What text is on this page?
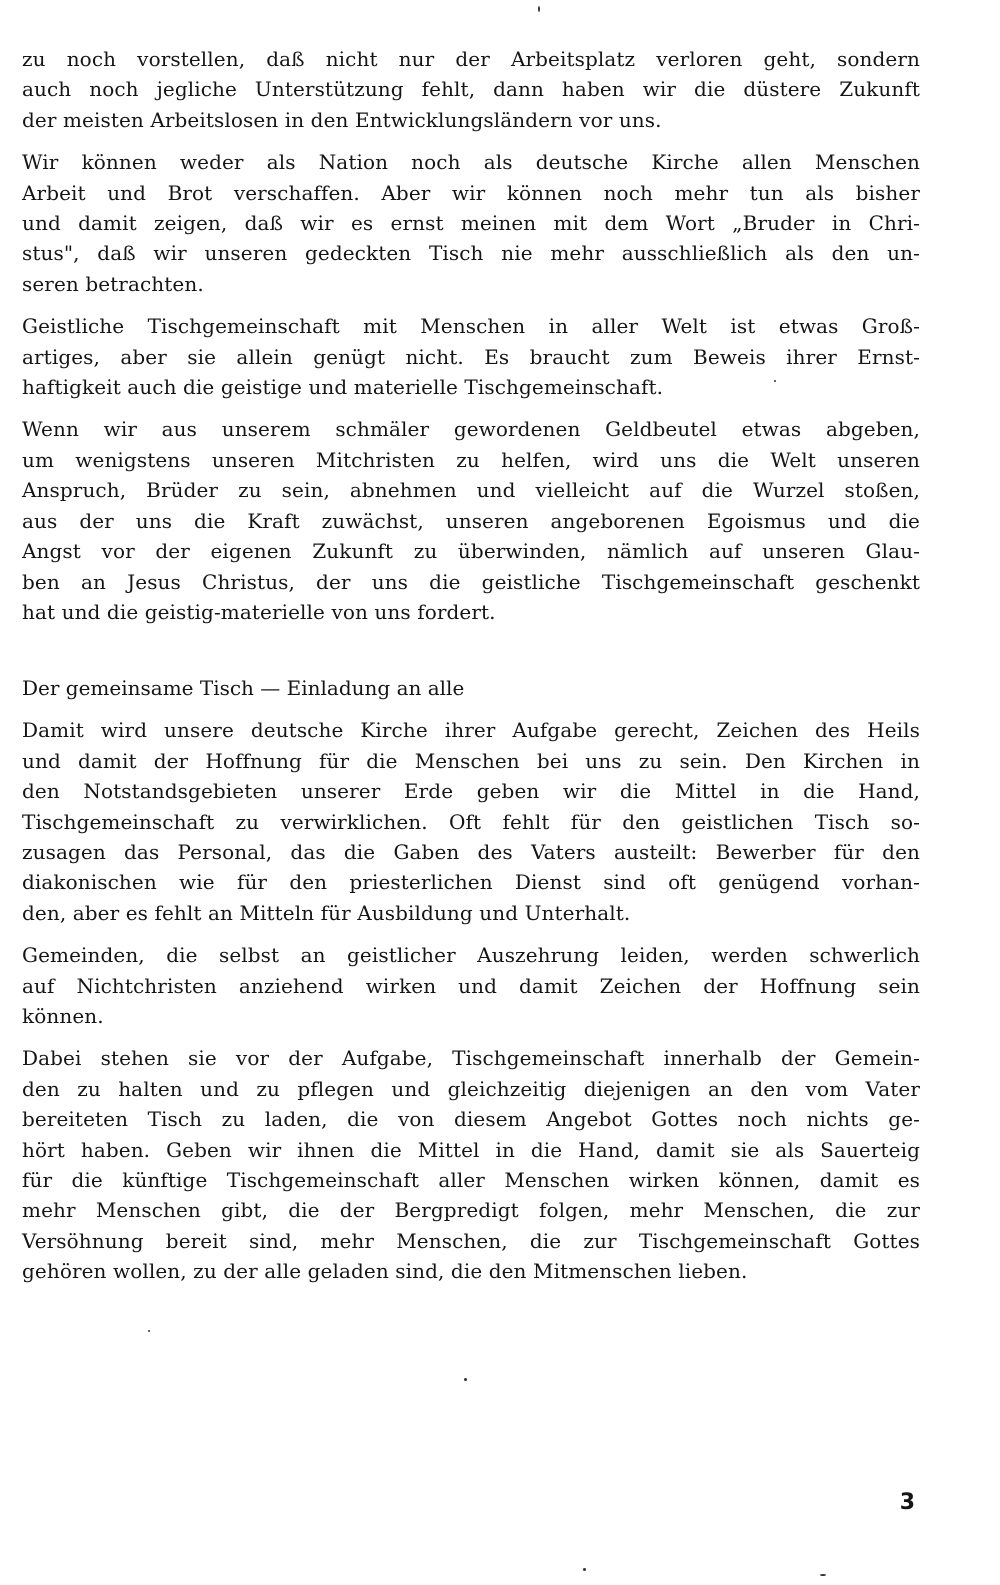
zu noch vorstellen, daß nicht nur der Arbeitsplatz verloren geht, sondern
auch noch jegliche Unterstützung fehlt, dann haben wir die düstere Zukunft
der meisten Arbeitslosen in den Entwicklungsländern vor uns.

Wir können weder als Nation noch als deutsche Kirche allen Menschen
Arbeit und Brot verschaffen. Aber wir können noch mehr tun als bisher
und damit zeigen, daß wir es ernst meinen mit dem Wort „Bruder in Chri-
stus", daß wir unseren gedeckten Tisch nie mehr ausschließlich als den un-
seren betrachten.

Geistliche Tischgemeinschaft mit Menschen in aller Welt ist etwas Groß-
artiges, aber sie allein genügt nicht. Es braucht zum Beweis ihrer Ernst-
haftigkeit auch die geistige und materielle Tischgemeinschaft.

Wenn wir aus unserem schmäler gewordenen Geldbeutel etwas abgeben,
um wenigstens unseren Mitchristen zu helfen, wird uns die Welt unseren
Anspruch, Brüder zu sein, abnehmen und vielleicht auf die Wurzel stoßen,
aus der uns die Kraft zuwächst, unseren angeborenen Egoismus und die
Angst vor der eigenen Zukunft zu überwinden, nämlich auf unseren Glau-
ben an Jesus Christus, der uns die geistliche Tischgemeinschaft geschenkt
hat und die geistig-materielle von uns fordert.

Der gemeinsame Tisch — Einladung an alle

Damit wird unsere deutsche Kirche ihrer Aufgabe gerecht, Zeichen des Heils
und damit der Hoffnung für die Menschen bei uns zu sein. Den Kirchen in
den Notstandsgebieten unserer Erde geben wir die Mittel in die Hand,
Tischgemeinschaft zu verwirklichen. Oft fehlt für den geistlichen Tisch so-
zusagen das Personal, das die Gaben des Vaters austeilt: Bewerber für den
diakonischen wie für den priesterlichen Dienst sind oft genügend vorhan-
den, aber es fehlt an Mitteln für Ausbildung und Unterhalt.

Gemeinden, die selbst an geistlicher Auszehrung leiden, werden schwerlich
auf Nichtchristen anziehend wirken und damit Zeichen der Hoffnung sein
können.

Dabei stehen sie vor der Aufgabe, Tischgemeinschaft innerhalb der Gemein-
den zu halten und zu pflegen und gleichzeitig diejenigen an den vom Vater
bereiteten Tisch zu laden, die von diesem Angebot Gottes noch nichts ge-
hört haben. Geben wir ihnen die Mittel in die Hand, damit sie als Sauerteig
für die künftige Tischgemeinschaft aller Menschen wirken können, damit es
mehr Menschen gibt, die der Bergpredigt folgen, mehr Menschen, die zur
Versöhnung bereit sind, mehr Menschen, die zur Tischgemeinschaft Gottes
gehören wollen, zu der alle geladen sind, die den Mitmenschen lieben.

3
